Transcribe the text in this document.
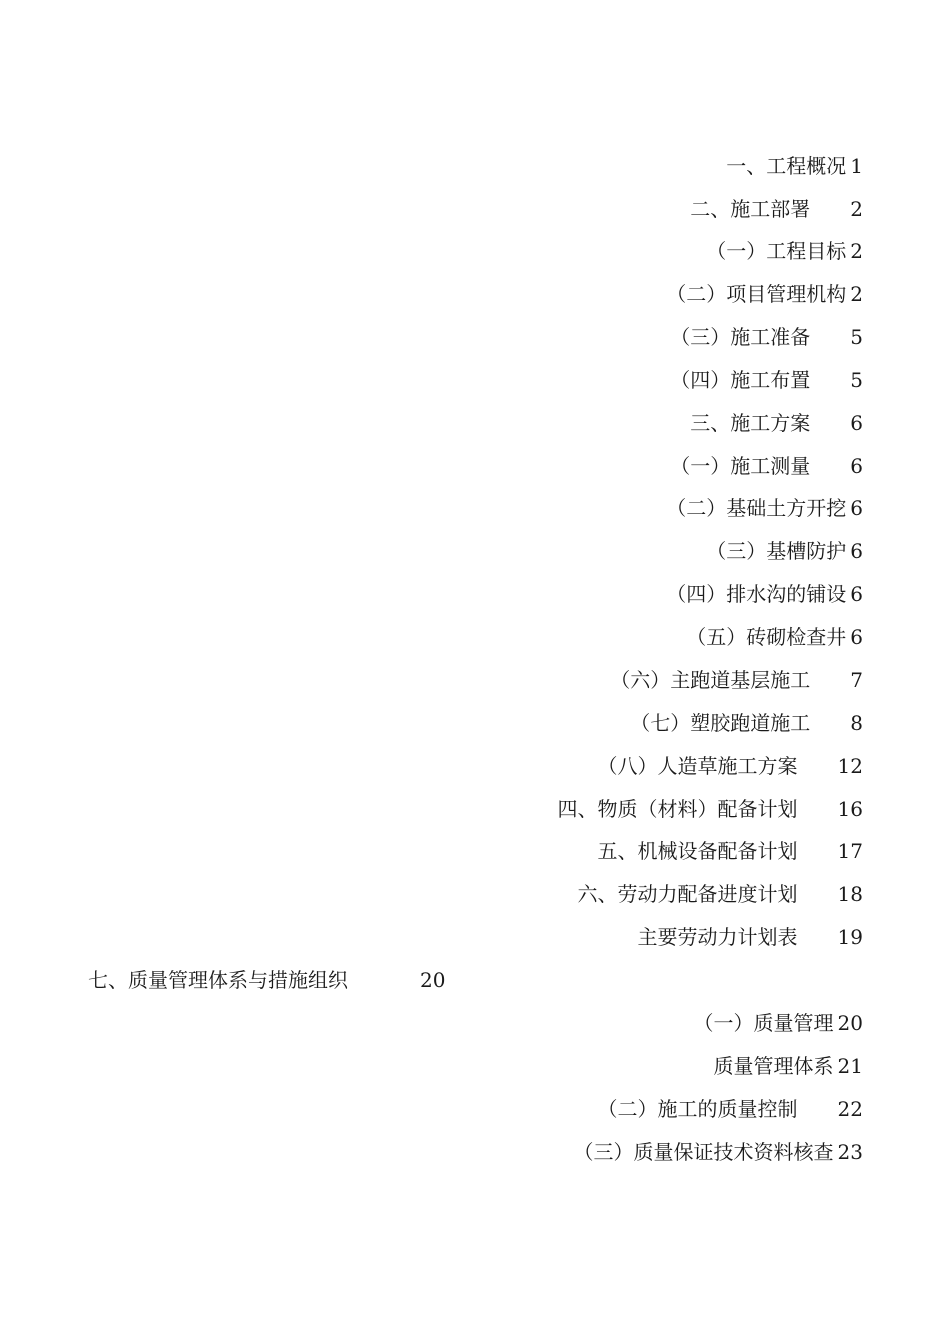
一、工程概况 1
二、施工部署 2
（一）工程目标 2
（二）项目管理机构 2
（三）施工准备 5
（四）施工布置 5
三、施工方案 6
（一）施工测量 6
（二）基础土方开挖 6
（三）基槽防护 6
（四）排水沟的铺设 6
（五）砖砌检查井 6
（六）主跑道基层施工 7
（七）塑胶跑道施工 8
（八）人造草施工方案 12
四、物质（材料）配备计划 16
五、机械设备配备计划 17
六、劳动力配备进度计划 18
主要劳动力计划表 19
七、质量管理体系与措施组织	20
（一）质量管理 20
质量管理体系 21
（二）施工的质量控制 22
（三）质量保证技术资料核查 23
